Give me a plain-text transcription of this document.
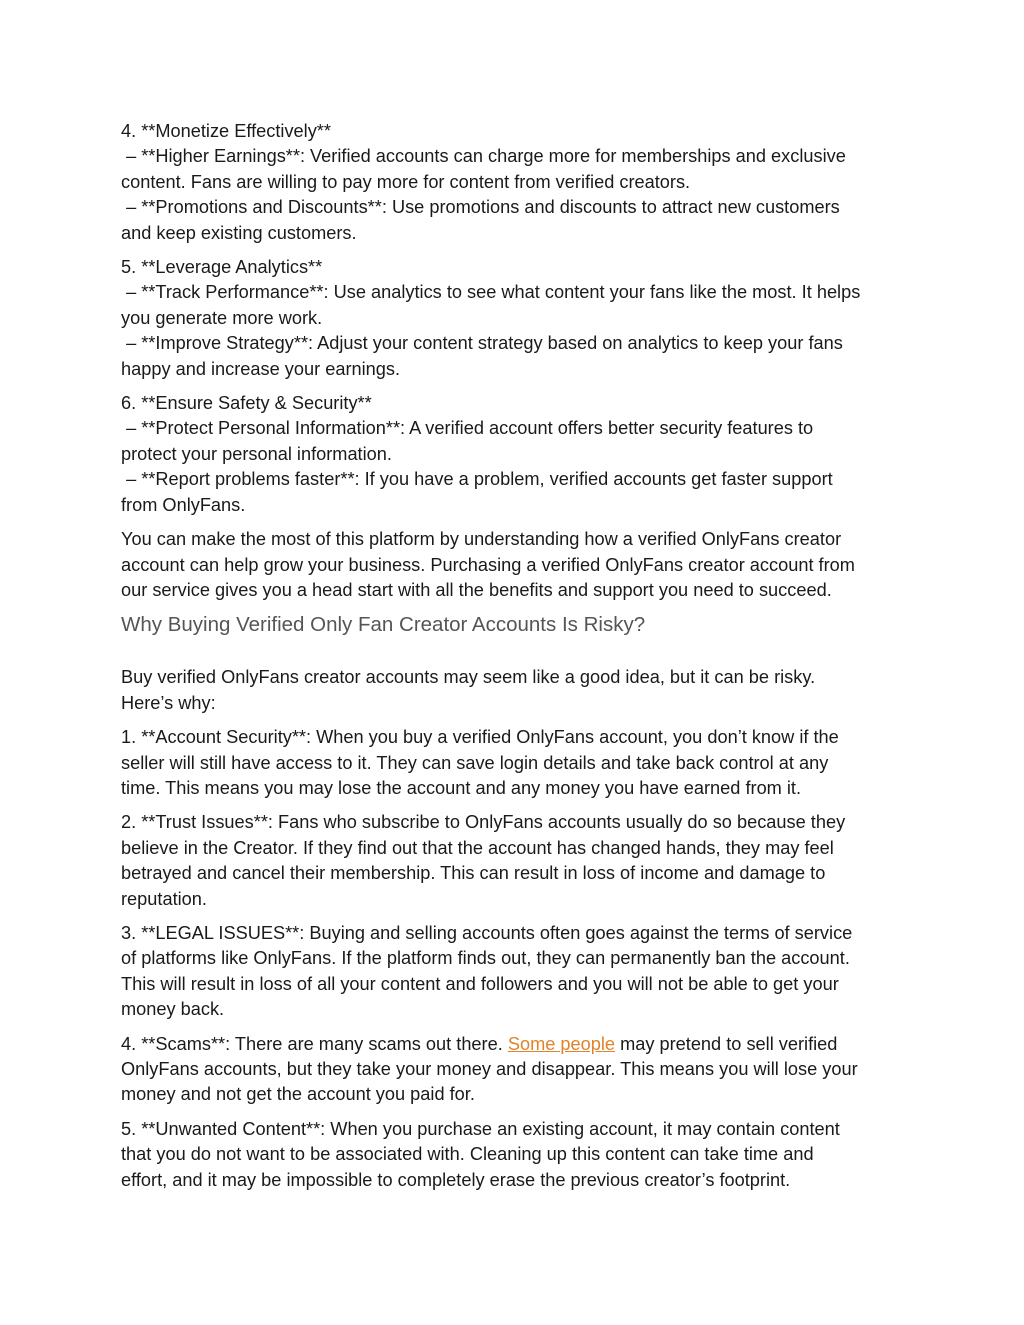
4. **Monetize Effectively**
– **Higher Earnings**: Verified accounts can charge more for memberships and exclusive
content. Fans are willing to pay more for content from verified creators.
– **Promotions and Discounts**: Use promotions and discounts to attract new customers
and keep existing customers.

5. **Leverage Analytics**
– **Track Performance**: Use analytics to see what content your fans like the most. It helps
you generate more work.
– **Improve Strategy**: Adjust your content strategy based on analytics to keep your fans
happy and increase your earnings.

6. **Ensure Safety & Security**
– **Protect Personal Information**: A verified account offers better security features to
protect your personal information.
– **Report problems faster**: If you have a problem, verified accounts get faster support
from OnlyFans.

You can make the most of this platform by understanding how a verified OnlyFans creator
account can help grow your business. Purchasing a verified OnlyFans creator account from
our service gives you a head start with all the benefits and support you need to succeed.

Why Buying Verified Only Fan Creator Accounts Is Risky?

Buy verified OnlyFans creator accounts may seem like a good idea, but it can be risky.
Here’s why:

1. **Account Security**: When you buy a verified OnlyFans account, you don’t know if the
seller will still have access to it. They can save login details and take back control at any
time. This means you may lose the account and any money you have earned from it.

2. **Trust Issues**: Fans who subscribe to OnlyFans accounts usually do so because they
believe in the Creator. If they find out that the account has changed hands, they may feel
betrayed and cancel their membership. This can result in loss of income and damage to
reputation.

3. **LEGAL ISSUES**: Buying and selling accounts often goes against the terms of service
of platforms like OnlyFans. If the platform finds out, they can permanently ban the account.
This will result in loss of all your content and followers and you will not be able to get your
money back.

4. **Scams**: There are many scams out there. Some people may pretend to sell verified
OnlyFans accounts, but they take your money and disappear. This means you will lose your
money and not get the account you paid for.

5. **Unwanted Content**: When you purchase an existing account, it may contain content
that you do not want to be associated with. Cleaning up this content can take time and
effort, and it may be impossible to completely erase the previous creator’s footprint.
